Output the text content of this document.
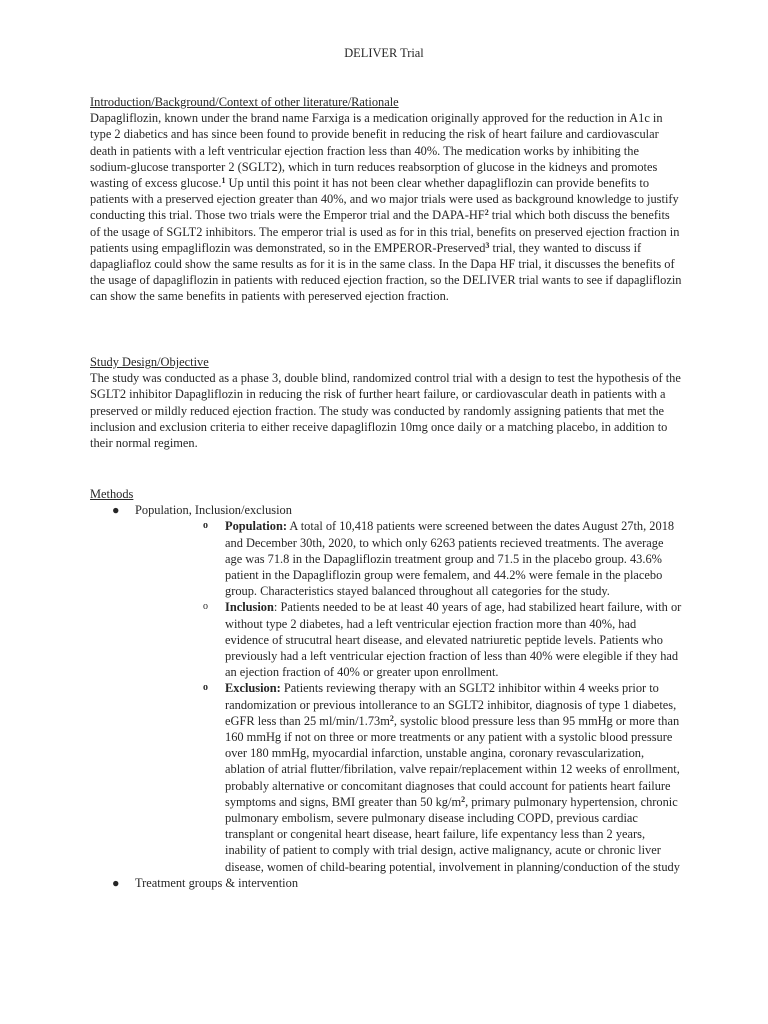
DELIVER Trial

Introduction/Background/Context of other literature/Rationale

Dapagliflozin, known under the brand name Farxiga is a medication originally approved for the reduction in A1c in type 2 diabetics and has since been found to provide benefit in reducing the risk of heart failure and cardiovascular death in patients with a left ventricular ejection fraction less than 40%. The medication works by inhibiting the sodium-glucose transporter 2 (SGLT2), which in turn reduces reabsorption of glucose in the kidneys and promotes wasting of excess glucose.$^1$ Up until this point it has not been clear whether dapagliflozin can provide benefits to patients with a preserved ejection greater than 40%, and wo major trials were used as background knowledge to justify conducting this trial. Those two trials were the Emperor trial and the DAPA-$HF^2$ trial which both discuss the benefits of the usage of SGLT2 inhibitors. The emperor trial is used as for in this trial, benefits on preserved ejection fraction in patients using empagliflozin was demonstrated, so in the EMPEROR-Preserved$^3$ trial, they wanted to discuss if dapagliafloz could show the same results as for it is in the same class. In the Dapa HF trial, it discusses the benefits of the usage of dapagliflozin in patients with reduced ejection fraction, so the DELIVER trial wants to see if dapagliflozin can show the same benefits in patients with pereserved ejection fraction.

Study Design/Objective

The study was conducted as a phase 3, double blind, randomized control trial with a design to test the hypothesis of the SGLT2 inhibitor Dapagliflozin in reducing the risk of further heart failure, or cardiovascular death in patients with a preserved or mildly reduced ejection fraction. The study was conducted by randomly assigning patients that met the inclusion and exclusion criteria to either receive dapagliflozin 10mg once daily or a matching placebo, in addition to their normal regimen.

Methods

● Population, Inclusion/exclusion
o Population: A total of 10,418 patients were screened between the dates August 27th, 2018 and December 30th, 2020, to which only 6263 patients recieved treatments. The average age was 71.8 in the Dapagliflozin treatment group and 71.5 in the placebo group. 43.6% patient in the Dapagliflozin group were femalem, and 44.2% were female in the placebo group. Characteristics stayed balanced throughout all categories for the study.
o Inclusion: Patients needed to be at least 40 years of age, had stabilized heart failure, with or without type 2 diabetes, had a left ventricular ejection fraction more than 40%, had evidence of strucutral heart disease, and elevated natriuretic peptide levels. Patients who previously had a left ventricular ejection fraction of less than 40% were elegible if they had an ejection fraction of 40% or greater upon enrollment.
o Exclusion: Patients reviewing therapy with an SGLT2 inhibitor within 4 weeks prior to randomization or previous intollerance to an SGLT2 inhibitor, diagnosis of type 1 diabetes, eGFR less than 25 $ml/\min/1.73m^2$, systolic blood pressure less than 95 mmHg or more than 160 mmHg if not on three or more treatments or any patient with a systolic blood pressure over 180 mmHg, myocardial infarction, unstable angina, coronary revascularization, ablation of atrial flutter/fibrilation, valve repair/replacement within 12 weeks of enrollment, probably alternative or concomitant diagnoses that could account for patients heart failure symptoms and signs, BMI greater than 50 $kg/m^2$, primary pulmonary hypertension, chronic pulmonary embolism, severe pulmonary disease including COPD, previous cardiac transplant or congenital heart disease, heart failure, life expentancy less than 2 years, inability of patient to comply with trial design, active malignancy, acute or chronic liver disease, women of child-bearing potential, involvement in planning/conduction of the study
● Treatment groups & intervention
